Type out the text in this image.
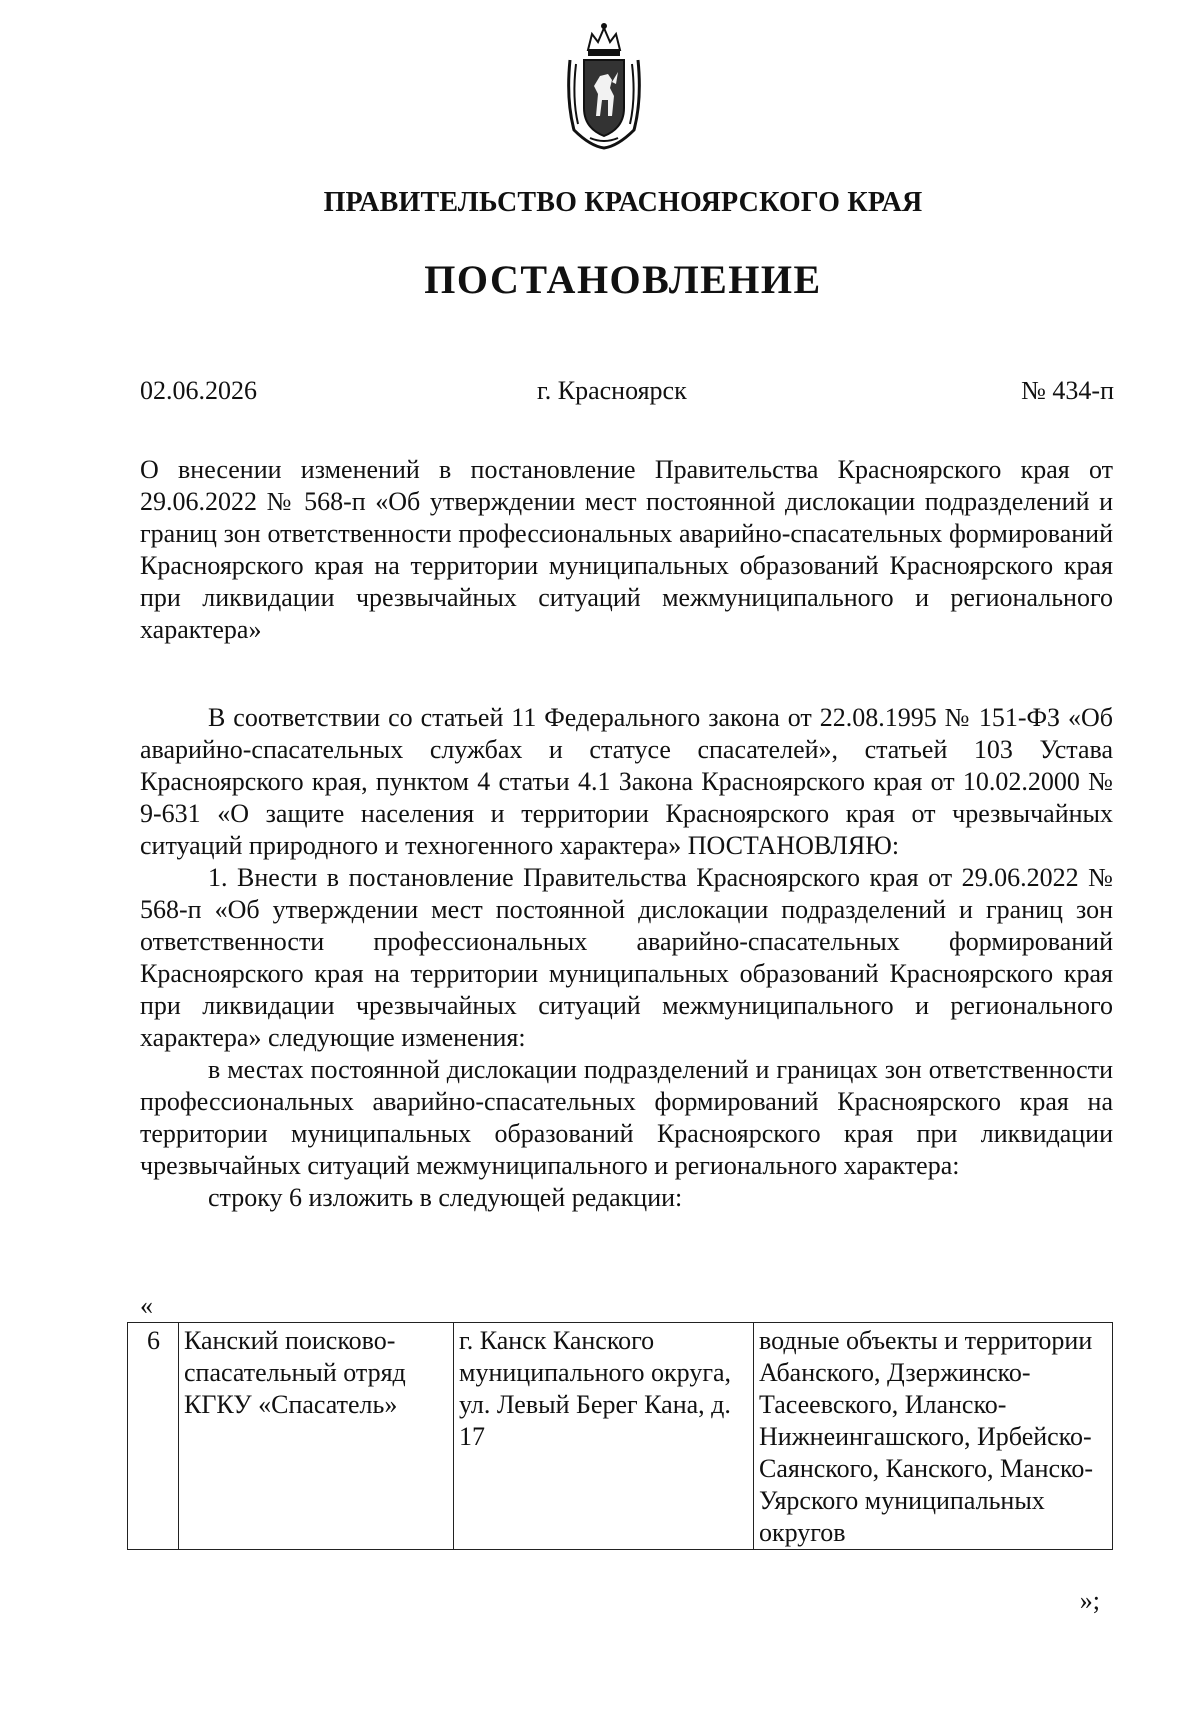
ПРАВИТЕЛЬСТВО КРАСНОЯРСКОГО КРАЯ
ПОСТАНОВЛЕНИЕ
02.06.2026	г. Красноярск	№ 434-п
О внесении изменений в постановление Правительства Красноярского края от 29.06.2022 № 568-п «Об утверждении мест постоянной дислокации подразделений и границ зон ответственности профессиональных аварийно-спасательных формирований Красноярского края на территории муниципальных образований Красноярского края при ликвидации чрезвычайных ситуаций межмуниципального и регионального характера»

В соответствии со статьей 11 Федерального закона от 22.08.1995 № 151-ФЗ «Об аварийно-спасательных службах и статусе спасателей», статьей 103 Устава Красноярского края, пунктом 4 статьи 4.1 Закона Красноярского края от 10.02.2000 № 9-631 «О защите населения и территории Красноярского края от чрезвычайных ситуаций природного и техногенного характера» ПОСТАНОВЛЯЮ:

1. Внести в постановление Правительства Красноярского края от 29.06.2022 № 568-п «Об утверждении мест постоянной дислокации подразделений и границ зон ответственности профессиональных аварийно-спасательных формирований Красноярского края на территории муниципальных образований Красноярского края при ликвидации чрезвычайных ситуаций межмуниципального и регионального характера» следующие изменения:

в местах постоянной дислокации подразделений и границах зон ответственности профессиональных аварийно-спасательных формирований Красноярского края на территории муниципальных образований Красноярского края при ликвидации чрезвычайных ситуаций межмуниципального и регионального характера:

строку 6 изложить в следующей редакции:

«
6	Канский поисково-спасательный отряд КГКУ «Спасатель»	г. Канск Канского муниципального округа, ул. Левый Берег Кана, д. 17	водные объекты и территории Абанского, Дзержинско-Тасеевского, Иланско-Нижнеингашского, Ирбейско-Саянского, Канского, Манско-Уярского муниципальных округов
»;
